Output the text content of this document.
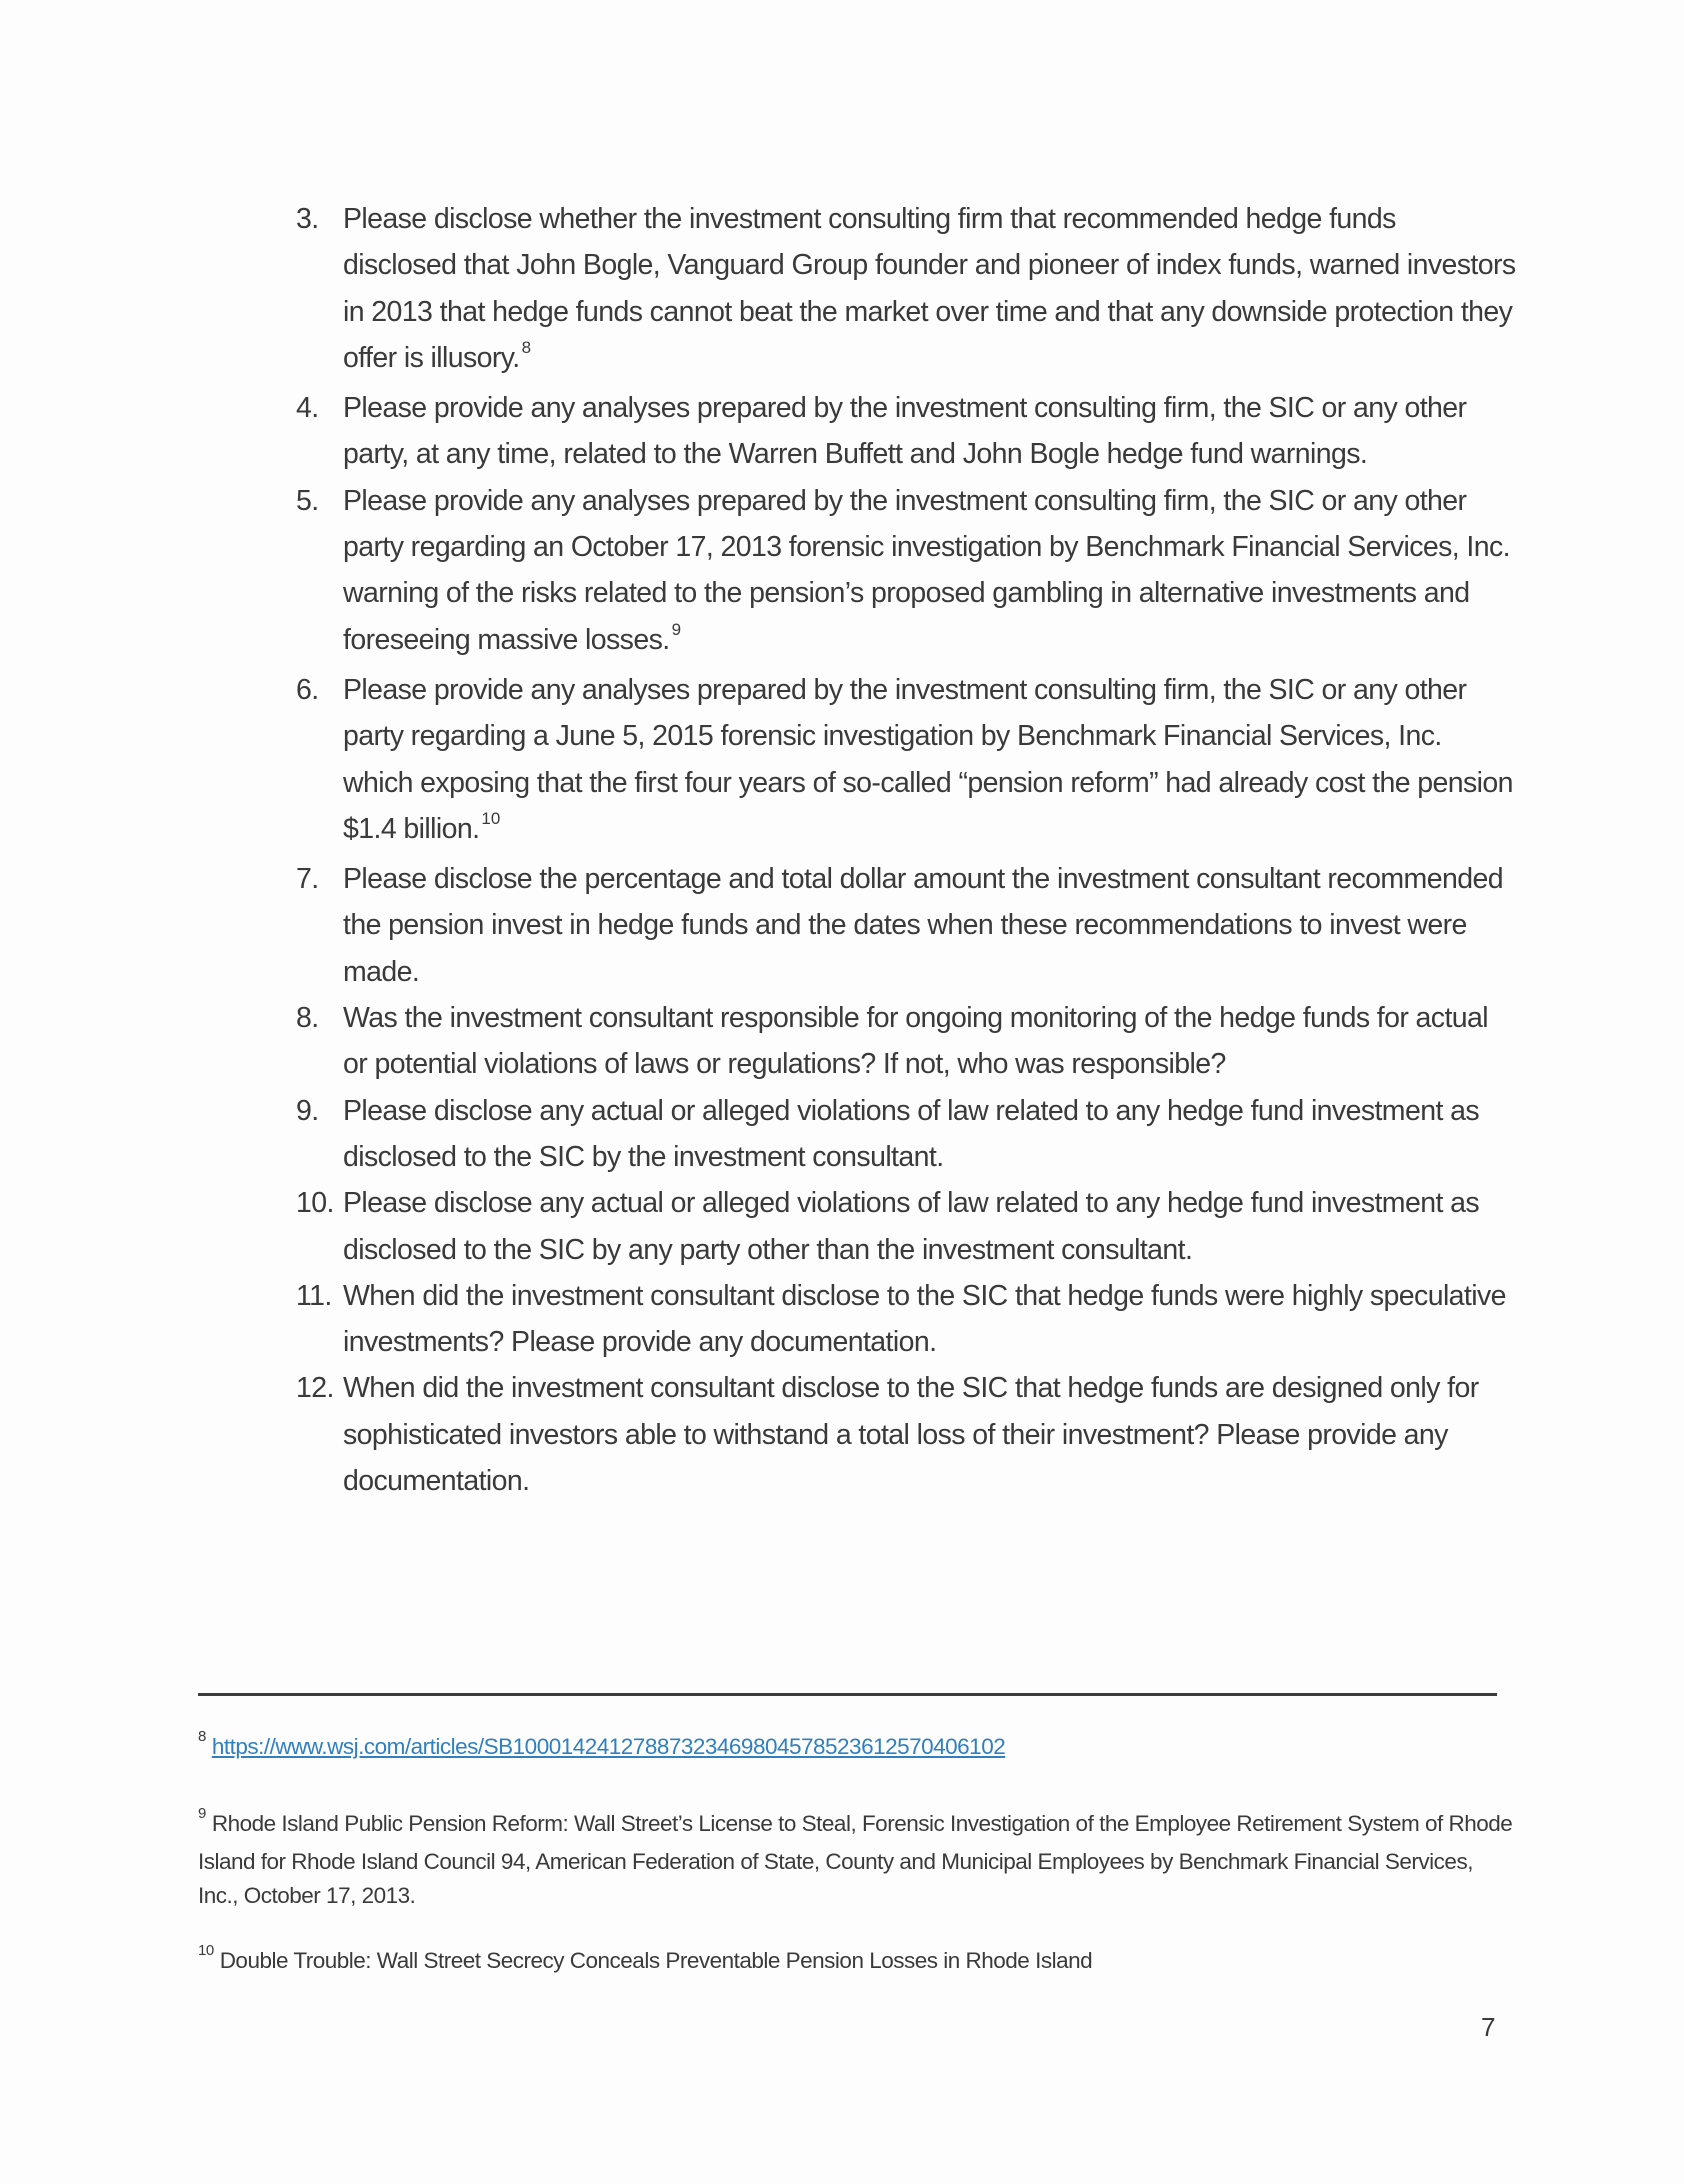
3. Please disclose whether the investment consulting firm that recommended hedge funds disclosed that John Bogle, Vanguard Group founder and pioneer of index funds, warned investors in 2013 that hedge funds cannot beat the market over time and that any downside protection they offer is illusory. $^8$
4. Please provide any analyses prepared by the investment consulting firm, the SIC or any other party, at any time, related to the Warren Buffett and John Bogle hedge fund warnings.
5. Please provide any analyses prepared by the investment consulting firm, the SIC or any other party regarding an October 17, 2013 forensic investigation by Benchmark Financial Services, Inc. warning of the risks related to the pension’s proposed gambling in alternative investments and foreseeing massive losses. $^9$
6. Please provide any analyses prepared by the investment consulting firm, the SIC or any other party regarding a June 5, 2015 forensic investigation by Benchmark Financial Services, Inc. which exposing that the first four years of so-called “pension reform” had already cost the pension $1.4 billion. $^{10}$
7. Please disclose the percentage and total dollar amount the investment consultant recommended the pension invest in hedge funds and the dates when these recommendations to invest were made.
8. Was the investment consultant responsible for ongoing monitoring of the hedge funds for actual or potential violations of laws or regulations? If not, who was responsible?
9. Please disclose any actual or alleged violations of law related to any hedge fund investment as disclosed to the SIC by the investment consultant.
10. Please disclose any actual or alleged violations of law related to any hedge fund investment as disclosed to the SIC by any party other than the investment consultant.
11. When did the investment consultant disclose to the SIC that hedge funds were highly speculative investments? Please provide any documentation.
12. When did the investment consultant disclose to the SIC that hedge funds are designed only for sophisticated investors able to withstand a total loss of their investment? Please provide any documentation.

$^8$ https://www.wsj.com/articles/SB10001424127887323469804578523612570406102

$^9$ Rhode Island Public Pension Reform: Wall Street’s License to Steal, Forensic Investigation of the Employee Retirement System of Rhode Island for Rhode Island Council 94, American Federation of State, County and Municipal Employees by Benchmark Financial Services, Inc., October 17, 2013.

$^{10}$ Double Trouble: Wall Street Secrecy Conceals Preventable Pension Losses in Rhode Island

7
